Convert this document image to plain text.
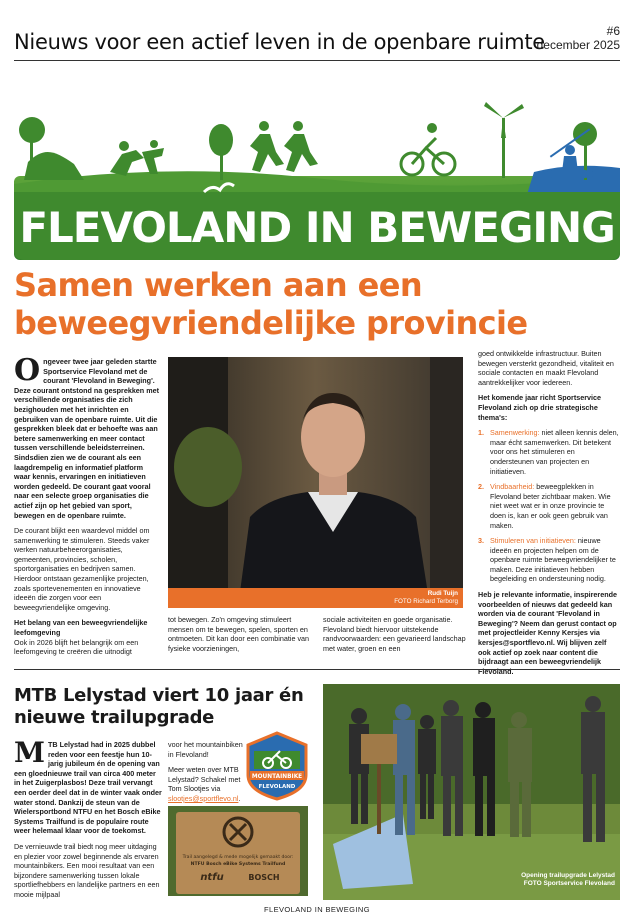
Nieuws voor een actief leven in de openbare ruimte	#6
december 2025
FLEVOLAND IN BEWEGING
Samen werken aan een beweegvriendelijke provincie

Ongeveer twee jaar geleden startte Sportservice Flevoland met de courant 'Flevoland in Beweging'. Deze courant ontstond na gesprekken met verschillende organisaties die zich bezighouden met het inrichten en gebruiken van de openbare ruimte. Uit die gesprekken bleek dat er behoefte was aan betere samenwerking en meer contact tussen verschillende beleidsterreinen. Sindsdien zien we de courant als een laagdrempelig en informatief platform waar kennis, ervaringen en initiatieven worden gedeeld. De courant gaat vooral naar een selecte groep organisaties die actief zijn op het gebied van sport, bewegen en de openbare ruimte.

De courant blijkt een waardevol middel om samenwerking te stimuleren. Steeds vaker werken natuurbeheerorganisaties, gemeenten, provincies, scholen, sportorganisaties en bedrijven samen. Hierdoor ontstaan gezamenlijke projecten, zoals sportevenementen en innovatieve ideeën die zorgen voor een beweegvriendelijke omgeving.

Het belang van een beweegvriendelijke leefomgeving

Ook in 2026 blijft het belangrijk om een leefomgeving te creëren die uitnodigt

Rudi Tuijn
FOTO Richard Terborg
tot bewegen. Zo'n omgeving stimuleert mensen om te bewegen, spelen, sporten en ontmoeten. Dit kan door een combinatie van fysieke voorzieningen,
sociale activiteiten en goede organisatie. Flevoland biedt hiervoor uitstekende randvoorwaarden: een gevarieerd landschap met water, groen en een

goed ontwikkelde infrastructuur. Buiten bewegen versterkt gezondheid, vitaliteit en sociale contacten en maakt Flevoland aantrekkelijker voor iedereen.

Het komende jaar richt Sportservice Flevoland zich op drie strategische thema's:

1. Samenwerking: niet alleen kennis delen, maar écht samenwerken. Dit betekent voor ons het stimuleren en ondersteunen van projecten en initiatieven.
2. Vindbaarheid: beweegplekken in Flevoland beter zichtbaar maken. Wie niet weet wat er in onze provincie te doen is, kan er ook geen gebruik van maken.
3. Stimuleren van initiatieven: nieuwe ideeën en projecten helpen om de openbare ruimte beweegvriendelijker te maken. Deze initiatieven hebben begeleiding en ondersteuning nodig.

Heb je relevante informatie, inspirerende voorbeelden of nieuws dat gedeeld kan worden via de courant 'Flevoland in Beweging'? Neem dan gerust contact op met projectleider Kenny Kersjes via kersjes@sportflevo.nl. Wij blijven zelf ook actief op zoek naar content die bijdraagt aan een beweegvriendelijk Flevoland.

MTB Lelystad viert 10 jaar én nieuwe trailupgrade

MTB Lelystad had in 2025 dubbel reden voor een feestje hun 10-jarig jubileum én de opening van een gloednieuwe trail van circa 400 meter in het Zuigerplasbos! Deze trail vervangt een oerder deel dat in de winter vaak onder water stond. Dankzij de steun van de Wielersportbond NTFU en het Bosch eBike Systems Trailfund is de populaire route weer helemaal klaar voor de toekomst.

De vernieuwde trail biedt nog meer uitdaging en plezier voor zowel beginnende als ervaren mountainbikers. Een mooi resultaat van een bijzondere samenwerking tussen lokale sportliefhebbers en landelijke partners en een mooie mijlpaal

voor het mountainbiken in Flevoland!

Meer weten over MTB Lelystad? Schakel met Tom Slootjes via slootjes@sportflevo.nl.

MOUNTAINBIKE
FLEVOLAND
Trail aangelegd & mede mogelijk gemaakt door:
NTFU Bosch eBike Systems Trailfund
ntfu	BOSCH	Opening trailupgrade Lelystad
FOTO Sportservice Flevoland
FLEVOLAND IN BEWEGING
